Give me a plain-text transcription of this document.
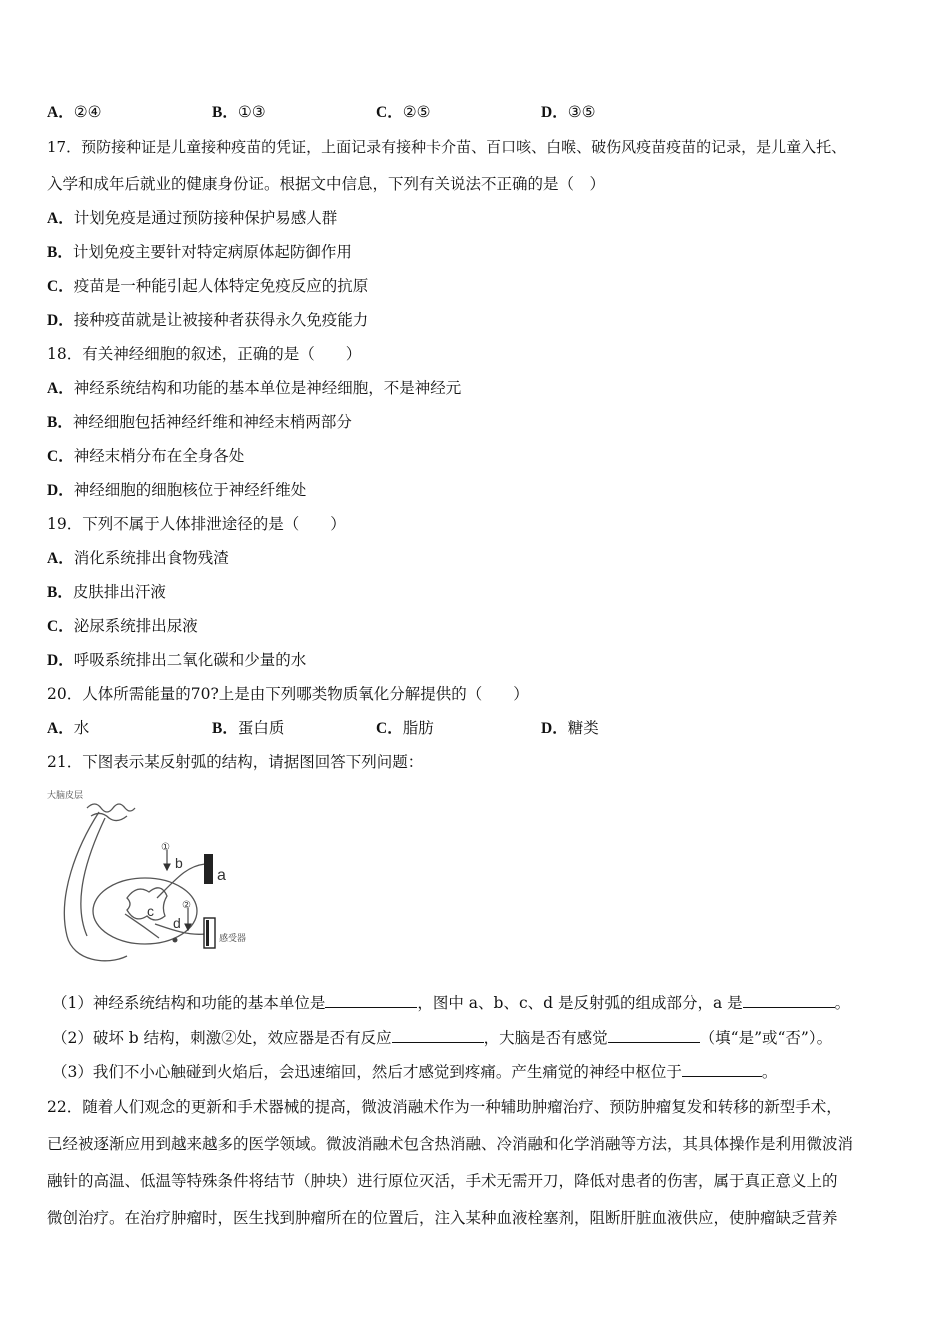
A．②④	B．①③	C．②⑤	D．③⑤
17．预防接种证是儿童接种疫苗的凭证，上面记录有接种卡介苗、百口咳、白喉、破伤风疫苗疫苗的记录，是儿童入托、
入学和成年后就业的健康身份证。根据文中信息，下列有关说法不正确的是（　）
A．计划免疫是通过预防接种保护易感人群
B．计划免疫主要针对特定病原体起防御作用
C．疫苗是一种能引起人体特定免疫反应的抗原
D．接种疫苗就是让被接种者获得永久免疫能力
18．有关神经细胞的叙述，正确的是（　　）
A．神经系统结构和功能的基本单位是神经细胞，不是神经元
B．神经细胞包括神经纤维和神经末梢两部分
C．神经末梢分布在全身各处
D．神经细胞的细胞核位于神经纤维处
19．下列不属于人体排泄途径的是（　　）
A．消化系统排出食物残渣
B．皮肤排出汗液
C．泌尿系统排出尿液
D．呼吸系统排出二氧化碳和少量的水
20．人体所需能量的70?上是由下列哪类物质氧化分解提供的（　　）
A．水	B．蛋白质	C．脂肪	D．糖类
21．下图表示某反射弧的结构，请据图回答下列问题：
大脑皮层
①
b
a
c	②
d
感受器
（1）神经系统结构和功能的基本单位是	，图中 a、b、c、d 是反射弧的组成部分，a 是	。
（2）破坏 b 结构，刺激②处，效应器是否有反应	，大脑是否有感觉	（填“是”或“否”）。
（3）我们不小心触碰到火焰后，会迅速缩回，然后才感觉到疼痛。产生痛觉的神经中枢位于	。
22．随着人们观念的更新和手术器械的提高，微波消融术作为一种辅助肿瘤治疗、预防肿瘤复发和转移的新型手术，
已经被逐渐应用到越来越多的医学领域。微波消融术包含热消融、冷消融和化学消融等方法，其具体操作是利用微波消
融针的高温、低温等特殊条件将结节（肿块）进行原位灭活，手术无需开刀，降低对患者的伤害，属于真正意义上的
微创治疗。在治疗肿瘤时，医生找到肿瘤所在的位置后，注入某种血液栓塞剂，阻断肝脏血液供应，使肿瘤缺乏营养
